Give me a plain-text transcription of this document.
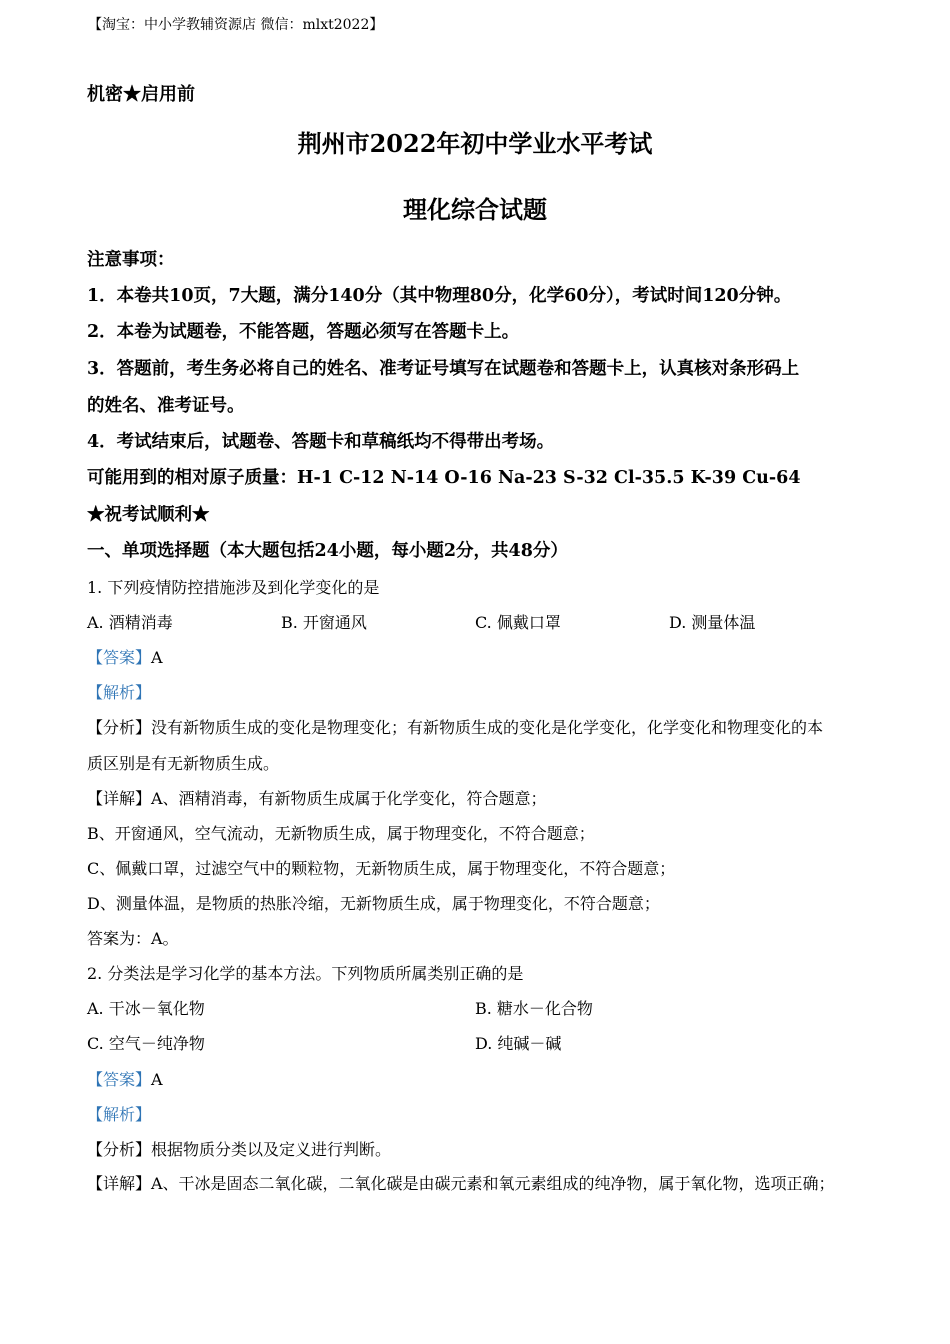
【淘宝：中小学教辅资源店 微信：mlxt2022】
机密★启用前
荆州市2022年初中学业水平考试
理化综合试题
注意事项：
1．本卷共10页，7大题，满分140分（其中物理80分，化学60分），考试时间120分钟。
2．本卷为试题卷，不能答题，答题必须写在答题卡上。
3．答题前，考生务必将自己的姓名、准考证号填写在试题卷和答题卡上，认真核对条形码上
的姓名、准考证号。
4．考试结束后，试题卷、答题卡和草稿纸均不得带出考场。
可能用到的相对原子质量：H-1 C-12 N-14 O-16 Na-23 S-32 Cl-35.5 K-39 Cu-64
★祝考试顺利★
一、单项选择题（本大题包括24小题，每小题2分，共48分）
1. 下列疫情防控措施涉及到化学变化的是
A. 酒精消毒	B. 开窗通风	C. 佩戴口罩	D. 测量体温
【答案】A
【解析】
【分析】没有新物质生成的变化是物理变化；有新物质生成的变化是化学变化，化学变化和物理变化的本
质区别是有无新物质生成。
【详解】A、酒精消毒，有新物质生成属于化学变化，符合题意；
B、开窗通风，空气流动，无新物质生成，属于物理变化，不符合题意；
C、佩戴口罩，过滤空气中的颗粒物，无新物质生成，属于物理变化，不符合题意；
D、测量体温，是物质的热胀冷缩，无新物质生成，属于物理变化，不符合题意；
答案为：A。
2. 分类法是学习化学的基本方法。下列物质所属类别正确的是
A. 干冰－氧化物	B. 糖水－化合物
C. 空气－纯净物	D. 纯碱－碱
【答案】A
【解析】
【分析】根据物质分类以及定义进行判断。
【详解】A、干冰是固态二氧化碳，二氧化碳是由碳元素和氧元素组成的纯净物，属于氧化物，选项正确；
